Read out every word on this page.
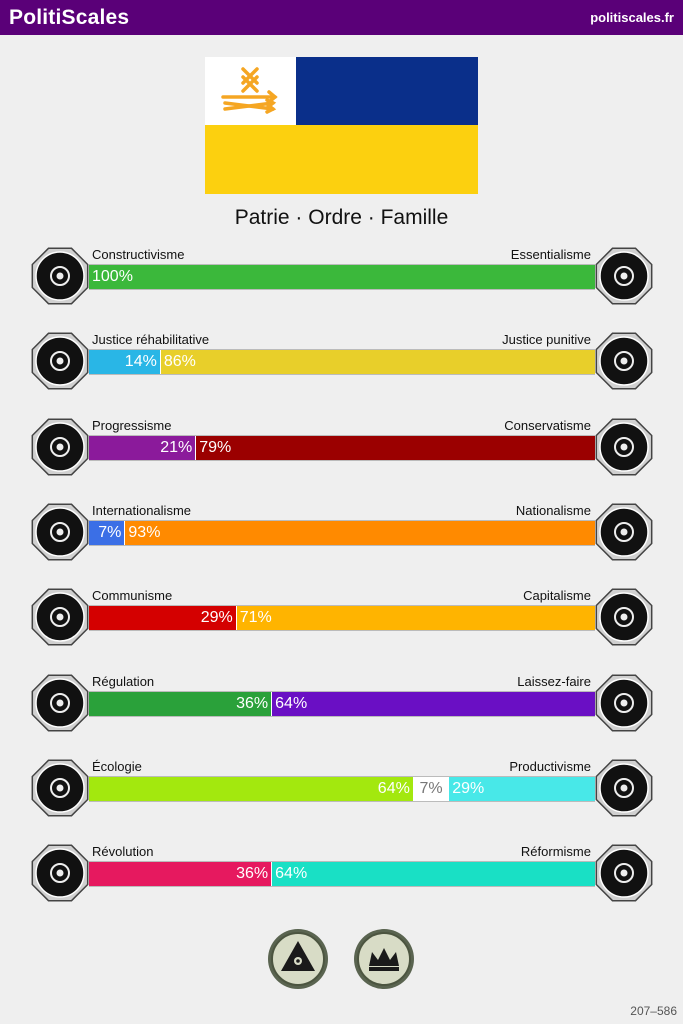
PolitiScales	politiscales.fr
Patrie · Ordre · Famille
Constructivisme	Essentialisme
100%
Justice réhabilitative	Justice punitive
14% 86%
Progressisme	Conservatisme
21% 79%
Internationalisme	Nationalisme
7% 93%
Communisme	Capitalisme
29% 71%
Régulation	Laissez-faire
36% 64%
Écologie	Productivisme
64% 7% 29%
Révolution	Réformisme
36% 64%
207–586
